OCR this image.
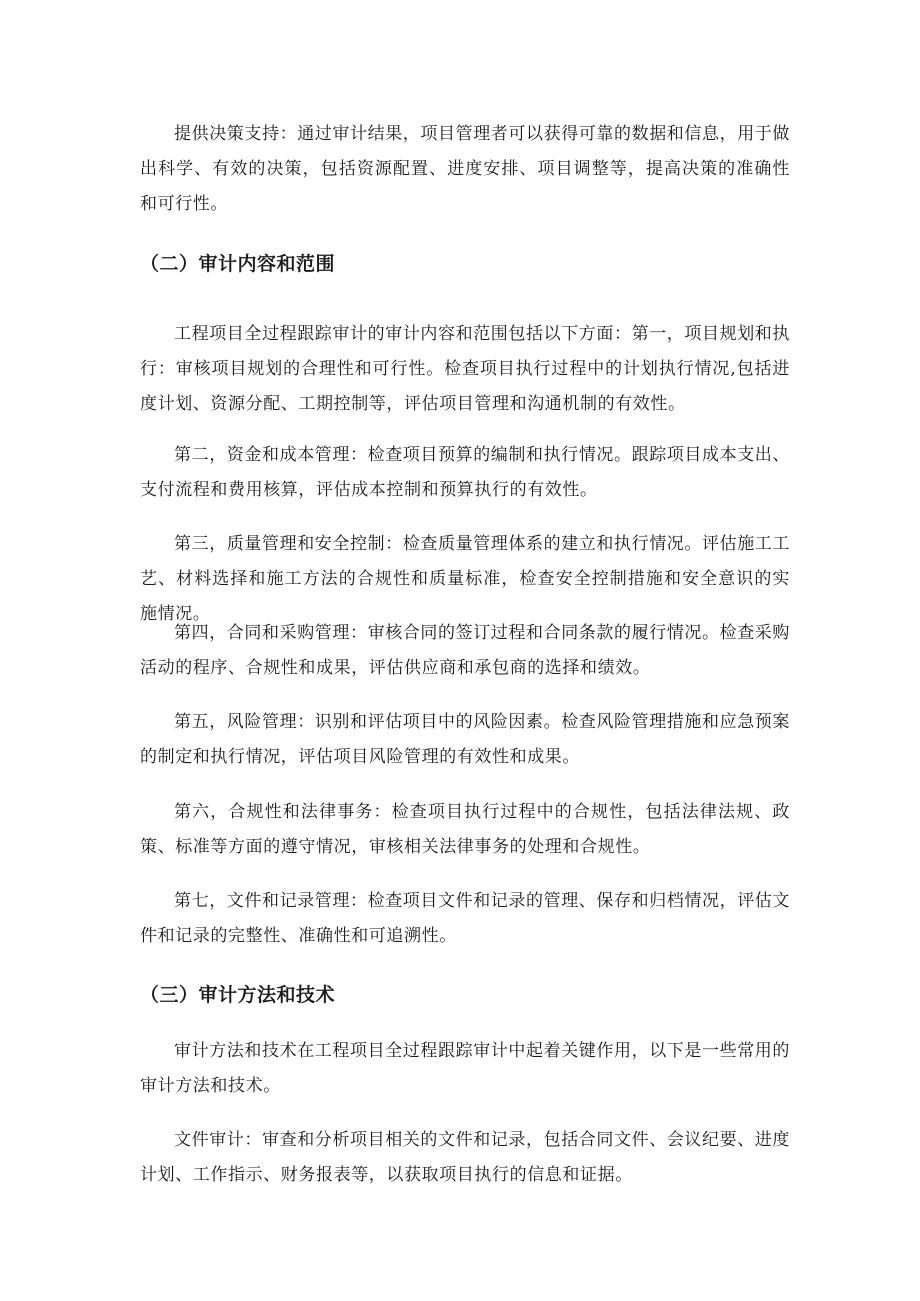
提供决策支持：通过审计结果，项目管理者可以获得可靠的数据和信息，用于做出科学、有效的决策，包括资源配置、进度安排、项目调整等，提高决策的准确性和可行性。

（二）审计内容和范围

工程项目全过程跟踪审计的审计内容和范围包括以下方面：第一，项目规划和执行：审核项目规划的合理性和可行性。检查项目执行过程中的计划执行情况,包括进度计划、资源分配、工期控制等，评估项目管理和沟通机制的有效性。

第二，资金和成本管理：检查项目预算的编制和执行情况。跟踪项目成本支出、支付流程和费用核算，评估成本控制和预算执行的有效性。

第三，质量管理和安全控制：检查质量管理体系的建立和执行情况。评估施工工艺、材料选择和施工方法的合规性和质量标准，检查安全控制措施和安全意识的实施情况。

第四，合同和采购管理：审核合同的签订过程和合同条款的履行情况。检查采购活动的程序、合规性和成果，评估供应商和承包商的选择和绩效。

第五，风险管理：识别和评估项目中的风险因素。检查风险管理措施和应急预案的制定和执行情况，评估项目风险管理的有效性和成果。

第六，合规性和法律事务：检查项目执行过程中的合规性，包括法律法规、政策、标准等方面的遵守情况，审核相关法律事务的处理和合规性。

第七，文件和记录管理：检查项目文件和记录的管理、保存和归档情况，评估文件和记录的完整性、准确性和可追溯性。

（三）审计方法和技术

审计方法和技术在工程项目全过程跟踪审计中起着关键作用，以下是一些常用的审计方法和技术。

文件审计：审查和分析项目相关的文件和记录，包括合同文件、会议纪要、进度计划、工作指示、财务报表等，以获取项目执行的信息和证据。
